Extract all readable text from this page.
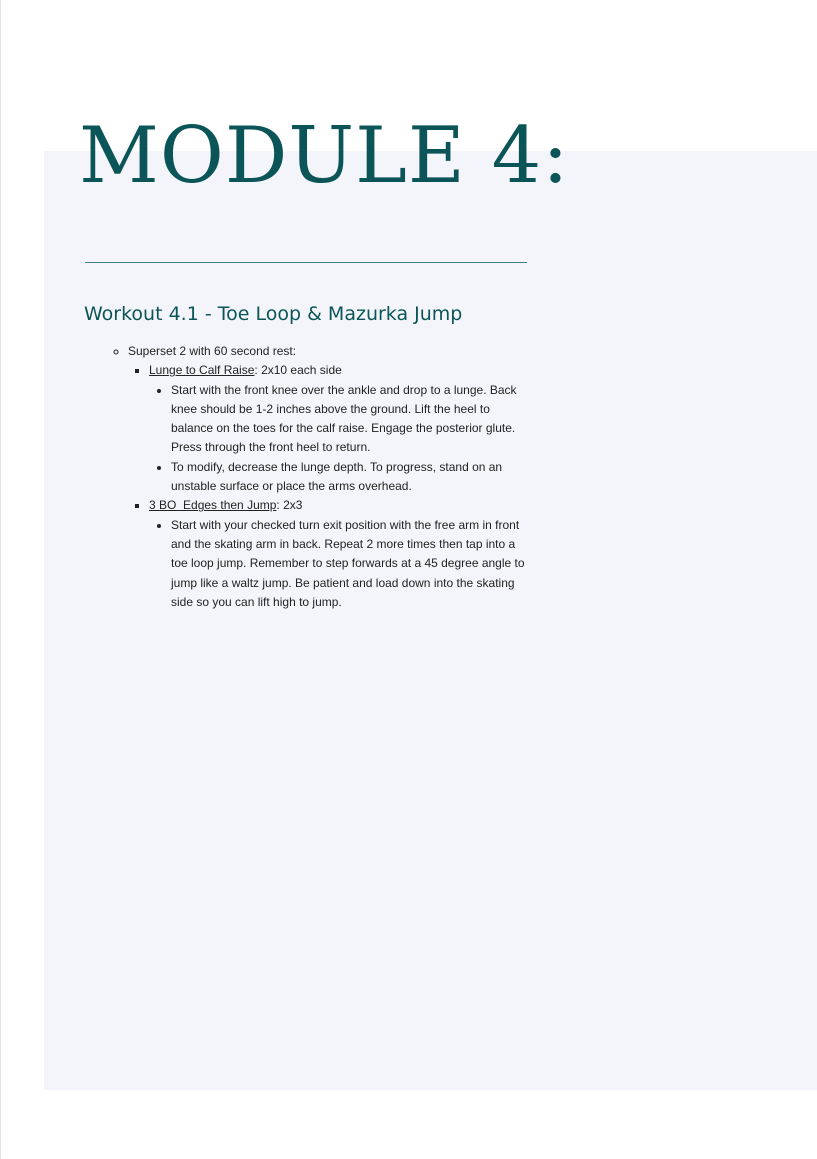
MODULE 4:
Workout 4.1 - Toe Loop & Mazurka Jump
◦ Superset 2 with 60 second rest:
▪ Lunge to Calf Raise: 2x10 each side
• Start with the front knee over the ankle and drop to a lunge. Back knee should be 1-2 inches above the ground. Lift the heel to balance on the toes for the calf raise. Engage the posterior glute. Press through the front heel to return.
• To modify, decrease the lunge depth. To progress, stand on an unstable surface or place the arms overhead.
▪ 3 BO  Edges then Jump: 2x3
• Start with your checked turn exit position with the free arm in front and the skating arm in back. Repeat 2 more times then tap into a toe loop jump. Remember to step forwards at a 45 degree angle to jump like a waltz jump. Be patient and load down into the skating side so you can lift high to jump.
